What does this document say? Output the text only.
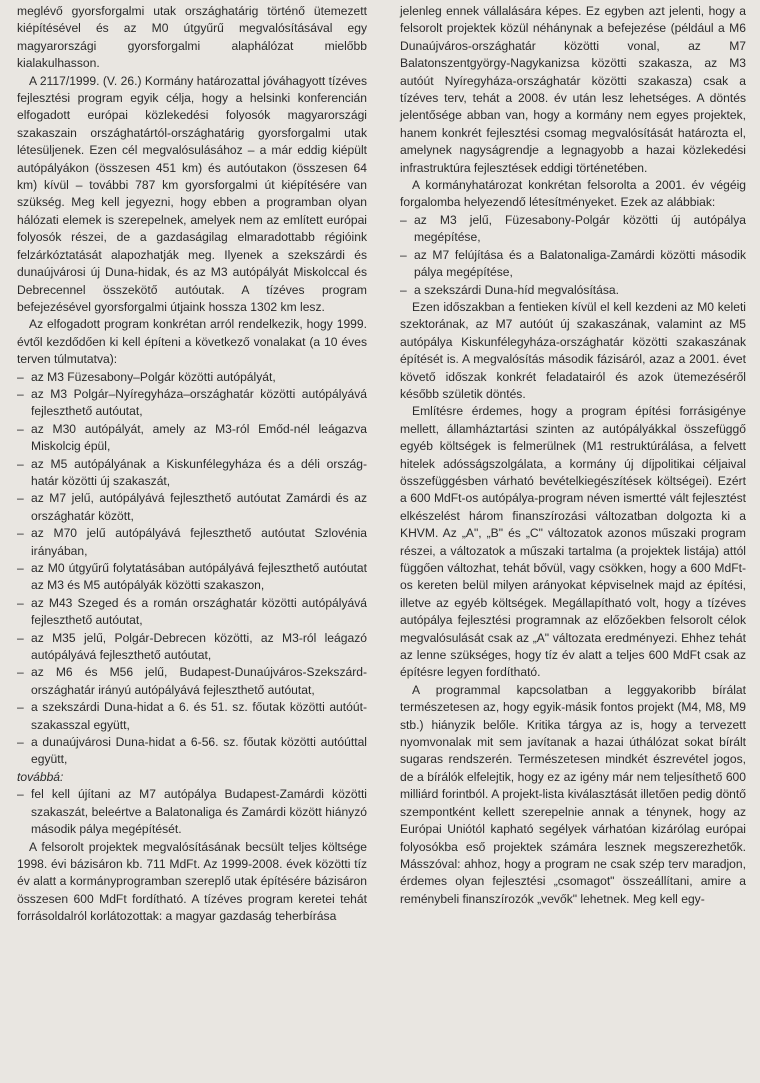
meglévő gyorsforgalmi utak országhatárig történő ütemezett kiépítésével és az M0 útgyűrű megvalósításával egy magyarországi gyorsforgalmi alaphálózat mielőbb kialakulhasson.

A 2117/1999. (V. 26.) Kormány határozattal jóváhagyott tízéves fejlesztési program egyik célja, hogy a helsinki konferencián elfogadott európai közlekedési folyosók magyarországi szakaszain országhatártól-országhatárig gyorsforgalmi utak létesüljenek. Ezen cél megvalósulásához – a már eddig kiépült autópályákon (összesen 451 km) és autóutakon (összesen 64 km) kívül – további 787 km gyorsforgalmi út kiépítésére van szükség. Meg kell jegyezni, hogy ebben a programban olyan hálózati elemek is szerepelnek, amelyek nem az említett európai folyosók részei, de a gazdaságilag elmaradottabb régióink felzárkóztatását alapozhatják meg. Ilyenek a szekszárdi és dunaújvárosi új Duna-hidak, és az M3 autópályát Miskolccal és Debrecennel összekötő autóutak. A tízéves program befejezésével gyorsforgalmi útjaink hossza 1302 km lesz.

Az elfogadott program konkrétan arról rendelkezik, hogy 1999. évtől kezdődően ki kell építeni a következő vonalakat (a 10 éves terven túlmutatva):

– az M3 Füzesabony–Polgár közötti autópályát,
– az M3 Polgár–Nyíregyháza–országhatár közötti autópályává fejleszthető autóutat,
– az M30 autópályát, amely az M3-ról Emőd-nél leágazva Miskolcig épül,
– az M5 autópályának a Kiskunfélegyháza és a déli ország-határ közötti új szakaszát,
– az M7 jelű, autópályává fejleszthető autóutat Zamárdi és az országhatár között,
– az M70 jelű autópályává fejleszthető autóutat Szlovénia irányában,
– az M0 útgyűrű folytatásában autópályává fejleszthető autóutat az M3 és M5 autópályák közötti szakaszon,
– az M43 Szeged és a román országhatár közötti autópályává fejleszthető autóutat,
– az M35 jelű, Polgár-Debrecen közötti, az M3-ról leágazó autópályává fejleszthető autóutat,
– az M6 és M56 jelű, Budapest-Dunaújváros-Szekszárd-országhatár irányú autópályává fejleszthető autóutat,
– a szekszárdi Duna-hidat a 6. és 51. sz. főutak közötti autóút-szakasszal együtt,
– a dunaújvárosi Duna-hidat a 6-56. sz. főutak közötti autóúttal együtt,

továbbá:

– fel kell újítani az M7 autópálya Budapest-Zamárdi közötti szakaszát, beleértve a Balatonaliga és Zamárdi között hiányzó második pálya megépítését.

A felsorolt projektek megvalósításának becsült teljes költsége 1998. évi bázisáron kb. 711 MdFt. Az 1999-2008. évek közötti tíz év alatt a kormányprogramban szereplő utak építésére bázisáron összesen 600 MdFt fordítható. A tízéves program keretei tehát forrásoldalról korlátozottak: a magyar gazdaság teherbírása

jelenleg ennek vállalására képes. Ez egyben azt jelenti, hogy a felsorolt projektek közül néhánynak a befejezése (például a M6 Dunaújváros-országhatár közötti vonal, az M7 Balatonszentgyörgy-Nagykanizsa közötti szakasza, az M3 autóút Nyíregyháza-országhatár közötti szakasza) csak a tízéves terv, tehát a 2008. év után lesz lehetséges. A döntés jelentősége abban van, hogy a kormány nem egyes projektek, hanem konkrét fejlesztési csomag megvalósítását határozta el, amelynek nagyságrendje a legnagyobb a hazai közlekedési infrastruktúra fejlesztések eddigi történetében.

A kormányhatározat konkrétan felsorolta a 2001. év végéig forgalomba helyezendő létesítményeket. Ezek az alábbiak:

– az M3 jelű, Füzesabony-Polgár közötti új autópálya megépítése,
– az M7 felújítása és a Balatonaliga-Zamárdi közötti második pálya megépítése,
– a szekszárdi Duna-híd megvalósítása.

Ezen időszakban a fentieken kívül el kell kezdeni az M0 keleti szektorának, az M7 autóút új szakaszának, valamint az M5 autópálya Kiskunfélegyháza-országhatár közötti szakaszának építését is. A megvalósítás második fázisáról, azaz a 2001. évet követő időszak konkrét feladatairól és azok ütemezéséről később születik döntés.

Említésre érdemes, hogy a program építési forrásigénye mellett, államháztartási szinten az autópályákkal összefüggő egyéb költségek is felmerülnek (M1 restruktúrálása, a felvett hitelek adósságszolgálata, a kormány új díjpolitikai céljaival összefüggésben várható bevételkiegészítések költségei). Ezért a 600 MdFt-os autópálya-program néven ismertté vált fejlesztést elkészelést három finanszírozási változatban dolgozta ki a KHVM. Az „A", „B" és „C" változatok azonos műszaki program részei, a változatok a műszaki tartalma (a projektek listája) attól függően változhat, tehát bővül, vagy csökken, hogy a 600 MdFt-os kereten belül milyen arányokat képviselnek majd az építési, illetve az egyéb költségek. Megállapítható volt, hogy a tízéves autópálya fejlesztési programnak az előzőekben felsorolt célok megvalósulását csak az „A" változata eredményezi. Ehhez tehát az lenne szükséges, hogy tíz év alatt a teljes 600 MdFt csak az építésre legyen fordítható.

A programmal kapcsolatban a leggyakoribb bírálat természetesen az, hogy egyik-másik fontos projekt (M4, M8, M9 stb.) hiányzik belőle. Kritika tárgya az is, hogy a tervezett nyomvonalak mit sem javítanak a hazai úthálózat sokat bírált sugaras rendszerén. Természetesen mindkét észrevétel jogos, de a bírálók elfelejtik, hogy ez az igény már nem teljesíthető 600 milliárd forintból. A projekt-lista kiválasztását illetően pedig döntő szempontként kellett szerepelnie annak a ténynek, hogy az Európai Uniótól kapható segélyek várhatóan kizárólag európai folyosókba eső projektek számára lesznek megszerezhetők. Másszóval: ahhoz, hogy a program ne csak szép terv maradjon, érdemes olyan fejlesztési „csomagot" összeállítani, amire a reménybeli finanszírozók „vevők" lehetnek. Meg kell egy-
